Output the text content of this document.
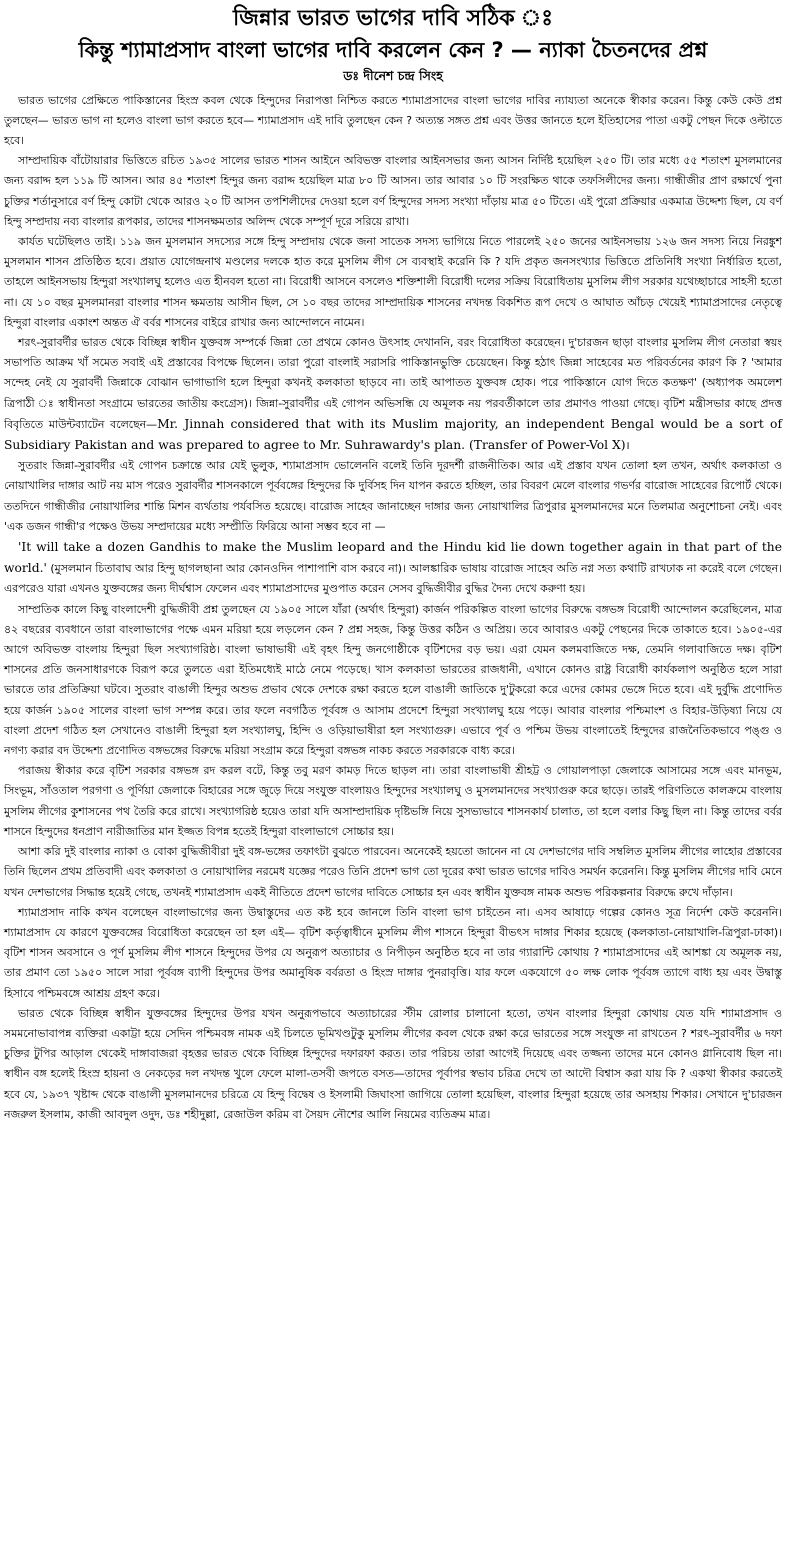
জিন্নার ভারত ভাগের দাবি সঠিক ঃ
কিন্তু শ্যামাপ্রসাদ বাংলা ভাগের দাবি করলেন কেন ? — ন্যাকা চৈতনদের প্রশ্ন
ডঃ দীনেশ চন্দ্র সিংহ

ভারত ভাগের প্রেক্ষিতে পাকিস্তানের হিংস্র কবল থেকে হিন্দুদের নিরাপত্তা নিশ্চিত করতে শ্যামাপ্রসাদের বাংলা ভাগের দাবির ন্যায্যতা অনেকে স্বীকার করেন। কিন্তু কেউ কেউ প্রশ্ন তুলছেন— ভারত ভাগ না হলেও বাংলা ভাগ করতে হবে— শ্যামাপ্রসাদ এই দাবি তুলছেন কেন ? অত্যন্ত সঙ্গত প্রশ্ন এবং উত্তর জানতে হলে ইতিহাসের পাতা একটু পেছন দিকে ওল্টাতে হবে।

সাম্প্রদায়িক বাঁটোয়ারার ভিত্তিতে রচিত ১৯৩৫ সালের ভারত শাসন আইনে অবিভক্ত বাংলার আইনসভার জন্য আসন নির্দিষ্ট হয়েছিল ২৫০ টি। তার মধ্যে ৫৫ শতাংশ মুসলমানের জন্য বরাদ্দ হল ১১৯ টি আসন। আর ৪৫ শতাংশ হিন্দুর জন্য বরাদ্দ হয়েছিল মাত্র ৮০ টি আসন। তার আবার ১০ টি সংরক্ষিত থাকে তফসিলীদের জন্য। গান্ধীজীর প্রাণ রক্ষার্থে পুনা চুক্তির শর্তানুসারে বর্ণ হিন্দু কোটা থেকে আরও ২০ টি আসন তপশিলীদের দেওয়া হলে বর্ণ হিন্দুদের সদস্য সংখ্যা দাঁড়ায় মাত্র ৫০ টিতে। এই পুরো প্রক্রিয়ার একমাত্র উদ্দেশ্য ছিল, যে বর্ণ হিন্দু সম্প্রদায় নব্য বাংলার রূপকার, তাদের শাসনক্ষমতার অলিন্দ থেকে সম্পূর্ণ দূরে সরিয়ে রাখা।

কার্যত ঘটেছিলও তাই। ১১৯ জন মুসলমান সদস্যের সঙ্গে হিন্দু সম্প্রদায় থেকে জনা সাতেক সদস্য ভাগিয়ে নিতে পারলেই ২৫০ জনের আইনসভায় ১২৬ জন সদস্য নিয়ে নিরঙ্কুশ মুসলমান শাসন প্রতিষ্ঠিত হবে। প্রয়াত যোগেন্দ্রনাথ মণ্ডলের দলকে হাত করে মুসলিম লীগ সে ব্যবস্থাই করেনি কি ? যদি প্রকৃত জনসংখ্যার ভিত্তিতে প্রতিনিধি সংখ্যা নির্ধারিত হতো, তাহলে আইনসভায় হিন্দুরা সংখ্যালঘু হলেও এত হীনবল হতো না। বিরোধী আসনে বসলেও শক্তিশালী বিরোধী দলের সক্রিয় বিরোধিতায় মুসলিম লীগ সরকার যথেচ্ছাচারে সাহসী হতো না। যে ১০ বছর মুসলমানরা বাংলার শাসন ক্ষমতায় আসীন ছিল, সে ১০ বছর তাদের সাম্প্রদায়িক শাসনের নখদন্ত বিকশিত রূপ দেখে ও আঘাত আঁচড় খেয়েই শ্যামাপ্রসাদের নেতৃত্বে হিন্দুরা বাংলার একাংশ অন্তত ঐ বর্বর শাসনের বাইরে রাখার জন্য আন্দোলনে নামেন।

শরৎ-সুরাবর্দীর ভারত থেকে বিচ্ছিন্ন স্বাধীন যুক্তবঙ্গ সম্পর্কে জিন্না তো প্রথমে কোনও উৎসাহ দেখাননি, বরং বিরোধিতা করেছেন। দু'চারজন ছাড়া বাংলার মুসলিম লীগ নেতারা স্বয়ং সভাপতি আক্রম খাঁ সমেত সবাই এই প্রস্তাবের বিপক্ষে ছিলেন। তারা পুরো বাংলাই সরাসরি পাকিস্তানভুক্তি চেয়েছেন। কিন্তু হঠাৎ জিন্না সাহেবের মত পরিবর্তনের কারণ কি ? 'আমার সন্দেহ নেই যে সুরাবর্দী জিন্নাকে বোঝান ভাগাভাগি হলে হিন্দুরা কখনই কলকাতা ছাড়বে না। তাই আপাতত যুক্তবঙ্গ হোক। পরে পাকিস্তানে যোগ দিতে কতক্ষণ' (অধ্যাপক অমলেশ ত্রিপাঠী ঃ স্বাধীনতা সংগ্রামে ভারতের জাতীয় কংগ্রেস)। জিন্না-সুরাবর্দীর এই গোপন অভিসন্ধি যে অমূলক নয় পরবর্তীকালে তার প্রমাণও পাওয়া গেছে। বৃটিশ মন্ত্রীসভার কাছে প্রদত্ত বিবৃতিতে মাউন্টব্যাটেন বলেছেন—Mr. Jinnah considered that with its Muslim majority, an independent Bengal would be a sort of Subsidiary Pakistan and was prepared to agree to Mr. Suhrawardy's plan. (Transfer of Power-Vol X)।

সুতরাং জিন্না-সুরাবর্দীর এই গোপন চক্রান্তে আর যেই ভুলুক, শ্যামাপ্রসাদ ভোলেননি বলেই তিনি দূরদর্শী রাজনীতিক। আর এই প্রস্তাব যখন তোলা হল তখন, অর্থাৎ কলকাতা ও নোয়াখালির দাঙ্গার আট নয় মাস পরেও সুরাবর্দীর শাসনকালে পূর্ববঙ্গের হিন্দুদের কি দুর্বিসহ দিন যাপন করতে হচ্ছিল, তার বিবরণ মেলে বাংলার গভর্ণর বারোজ সাহেবের রিপোর্ট থেকে। ততদিনে গান্ধীজীর নোয়াখালির শান্তি মিশন ব্যর্থতায় পর্যবসিত হয়েছে। বারোজ সাহেব জানাচ্ছেন দাঙ্গার জন্য নোয়াখালির ত্রিপুরার মুসলমানদের মনে তিলমাত্র অনুশোচনা নেই। এবং 'এক ডজন গান্ধী'র পক্ষেও উভয় সম্প্রদায়ের মধ্যে সম্প্রীতি ফিরিয়ে আনা সম্ভব হবে না —

'It will take a dozen Gandhis to make the Muslim leopard and the Hindu kid lie down together again in that part of the world.' (মুসলমান চিতাবাঘ আর হিন্দু ছাগলছানা আর কোনওদিন পাশাপাশি বাস করবে না)। আলঙ্কারিক ভাষায় বারোজ সাহেব অতি নগ্ন সত্য কথাটি রাখঢাক না করেই বলে গেছেন। এরপরেও যারা এখনও যুক্তবঙ্গের জন্য দীর্ঘশ্বাস ফেলেন এবং শ্যামাপ্রসাদের মুণ্ডপাত করেন সেসব বুদ্ধিজীবীর বুদ্ধির দৈন্য দেখে করুণা হয়।

সাম্প্রতিক কালে কিছু বাংলাদেশী বুদ্ধিজীবী প্রশ্ন তুলছেন যে ১৯০৫ সালে যাঁরা (অর্থাৎ হিন্দুরা) কার্জন পরিকল্পিত বাংলা ভাগের বিরুদ্ধে বঙ্গভঙ্গ বিরোধী আন্দোলন করেছিলেন, মাত্র ৪২ বছরের ব্যবধানে তারা বাংলাভাগের পক্ষে এমন মরিয়া হয়ে লড়লেন কেন ? প্রশ্ন সহজ, কিন্তু উত্তর কঠিন ও অপ্রিয়। তবে আবারও একটু পেছনের দিকে তাকাতে হবে। ১৯০৫-এর আগে অবিভক্ত বাংলায় হিন্দুরা ছিল সংখ্যাগরিষ্ঠ। বাংলা ভাষাভাষী এই বৃহৎ হিন্দু জনগোষ্ঠীকে বৃটিশদের বড় ভয়। এরা যেমন কলমবাজিতে দক্ষ, তেমনি গলাবাজিতে দক্ষ। বৃটিশ শাসনের প্রতি জনসাধারণকে বিরূপ করে তুলতে এরা ইতিমধ্যেই মাঠে নেমে পড়েছে। খাস কলকাতা ভারতের রাজধানী, এখানে কোনও রাষ্ট্র বিরোধী কার্যকলাপ অনুষ্ঠিত হলে সারা ভারতে তার প্রতিক্রিয়া ঘটবে। সুতরাং বাঙালী হিন্দুর অশুভ প্রভাব থেকে দেশকে রক্ষা করতে হলে বাঙালী জাতিকে দু'টুকরো করে এদের কোমর ভেঙ্গে দিতে হবে। এই দুর্বুদ্ধি প্রণোদিত হয়ে কার্জন ১৯০৫ সালের বাংলা ভাগ সম্পন্ন করে। তার ফলে নবগঠিত পূর্ববঙ্গ ও আসাম প্রদেশে হিন্দুরা সংখ্যালঘু হয়ে পড়ে। আবার বাংলার পশ্চিমাংশ ও বিহার-উড়িষ্যা নিয়ে যে বাংলা প্রদেশ গঠিত হল সেখানেও বাঙালী হিন্দুরা হল সংখ্যালঘু, হিন্দি ও ওড়িয়াভাষীরা হল সংখ্যাগুরু। এভাবে পূর্ব ও পশ্চিম উভয় বাংলাতেই হিন্দুদের রাজনৈতিকভাবে পঙ্গু ও নগণ্য করার বদ উদ্দেশ্য প্রণোদিত বঙ্গভঙ্গের বিরুদ্ধে মরিয়া সংগ্রাম করে হিন্দুরা বঙ্গভঙ্গ নাকচ করতে সরকারকে বাধ্য করে।

পরাজয় স্বীকার করে বৃটিশ সরকার বঙ্গভঙ্গ রদ করল বটে, কিন্তু তবু মরণ কামড় দিতে ছাড়ল না। তারা বাংলাভাষী শ্রীহট্ট ও গোয়ালপাড়া জেলাকে আসামের সঙ্গে এবং মানভূম, সিংভূম, সাঁওতাল পরগণা ও পূর্ণিয়া জেলাকে বিহারের সঙ্গে জুড়ে দিয়ে সংযুক্ত বাংলায়ও হিন্দুদের সংখ্যালঘু ও মুসলমানদের সংখ্যাগুরু করে ছাড়ে। তারই পরিণতিতে কালক্রমে বাংলায় মুসলিম লীগের কুশাসনের পথ তৈরি করে রাখে। সংখ্যাগরিষ্ঠ হয়েও তারা যদি অসাম্প্রদায়িক দৃষ্টিভঙ্গি নিয়ে সুসভ্যভাবে শাসনকার্য চালাত, তা হলে বলার কিছু ছিল না। কিন্তু তাদের বর্বর শাসনে হিন্দুদের ধনপ্রাণ নারীজাতির মান ইজ্জত বিপন্ন হতেই হিন্দুরা বাংলাভাগে সোচ্চার হয়।

আশা করি দুই বাংলার ন্যাকা ও বোকা বুদ্ধিজীবীরা দুই বঙ্গ-ভঙ্গের তফাৎটা বুঝতে পারবেন। অনেকেই হয়তো জানেন না যে দেশভাগের দাবি সম্বলিত মুসলিম লীগের লাহোর প্রস্তাবের তিনি ছিলেন প্রথম প্রতিবাদী এবং কলকাতা ও নোয়াখালির নরমেধ যজ্ঞের পরেও তিনি প্রদেশ ভাগ তো দূরের কথা ভারত ভাগের দাবিও সমর্থন করেননি। কিন্তু মুসলিম লীগের দাবি মেনে যখন দেশভাগের সিদ্ধান্ত হয়েই গেছে, তখনই শ্যামাপ্রসাদ একই নীতিতে প্রদেশ ভাগের দাবিতে সোচ্চার হন এবং স্বাধীন যুক্তবঙ্গ নামক অশুভ পরিকল্পনার বিরুদ্ধে রুখে দাঁড়ান।

শ্যামাপ্রসাদ নাকি কখন বলেছেন বাংলাভাগের জন্য উদ্বাস্তুদের এত কষ্ট হবে জানলে তিনি বাংলা ভাগ চাইতেন না। এসব আষাঢ়ে গল্পের কোনও সূত্র নির্দেশ কেউ করেননি। শ্যামাপ্রসাদ যে কারণে যুক্তবঙ্গের বিরোধিতা করেছেন তা হল এই— বৃটিশ কর্তৃত্বাধীনে মুসলিম লীগ শাসনে হিন্দুরা বীভৎস দাঙ্গার শিকার হয়েছে (কলকাতা-নোয়াখালি-ত্রিপুরা-ঢাকা)। বৃটিশ শাসন অবসানে ও পূর্ণ মুসলিম লীগ শাসনে হিন্দুদের উপর যে অনুরূপ অত্যাচার ও নিপীড়ন অনুষ্ঠিত হবে না তার গ্যারান্টি কোথায় ? শ্যামাপ্রসাদের এই আশঙ্কা যে অমূলক নয়, তার প্রমাণ তো ১৯৫০ সালে সারা পূর্ববঙ্গ ব্যাপী হিন্দুদের উপর অমানুষিক বর্বরতা ও হিংস্র দাঙ্গার পুনরাবৃত্তি। যার ফলে একযোগে ৫০ লক্ষ লোক পূর্ববঙ্গ ত্যাগে বাধ্য হয় এবং উদ্বাস্তু হিসাবে পশ্চিমবঙ্গে আশ্রয় গ্রহণ করে।

ভারত থেকে বিচ্ছিন্ন স্বাধীন যুক্তবঙ্গের হিন্দুদের উপর যখন অনুরূপভাবে অত্যাচারের স্টীম রোলার চালানো হতো, তখন বাংলার হিন্দুরা কোথায় যেত যদি শ্যামাপ্রসাদ ও সমমনোভাবাপন্ন ব্যক্তিরা একাট্টা হয়ে সেদিন পশ্চিমবঙ্গ নামক এই চিলতে ভূমিখণ্ডটুকু মুসলিম লীগের কবল থেকে রক্ষা করে ভারতের সঙ্গে সংযুক্ত না রাখতেন ? শরৎ-সুরাবর্দীর ৬ দফা চুক্তির টুপির আড়াল থেকেই দাঙ্গাবাজরা বৃহত্তর ভারত থেকে বিচ্ছিন্ন হিন্দুদের দফারফা করত। তার পরিচয় তারা আগেই দিয়েছে এবং তজ্জন্য তাদের মনে কোনও গ্লানিবোধ ছিল না। স্বাধীন বঙ্গ হলেই হিংস্র হায়না ও নেকড়ের দল নখদন্ত খুলে ফেলে মালা-তসবী জপতে বসত—তাদের পূর্বাপর স্বভাব চরিত্র দেখে তা আদৌ বিশ্বাস করা যায় কি ? একথা স্বীকার করতেই হবে যে, ১৯৩৭ খৃষ্টাব্দ থেকে বাঙালী মুসলমানদের চরিত্রে যে হিন্দু বিদ্বেষ ও ইসলামী জিঘাংসা জাগিয়ে তোলা হয়েছিল, বাংলার হিন্দুরা হয়েছে তার অসহায় শিকার। সেখানে দু'চারজন নজরুল ইসলাম, কাজী আবদুল ওদুদ, ডঃ শহীদুল্লা, রেজাউল করিম বা সৈয়দ নৌশের আলি নিয়মের ব্যতিক্রম মাত্র।
